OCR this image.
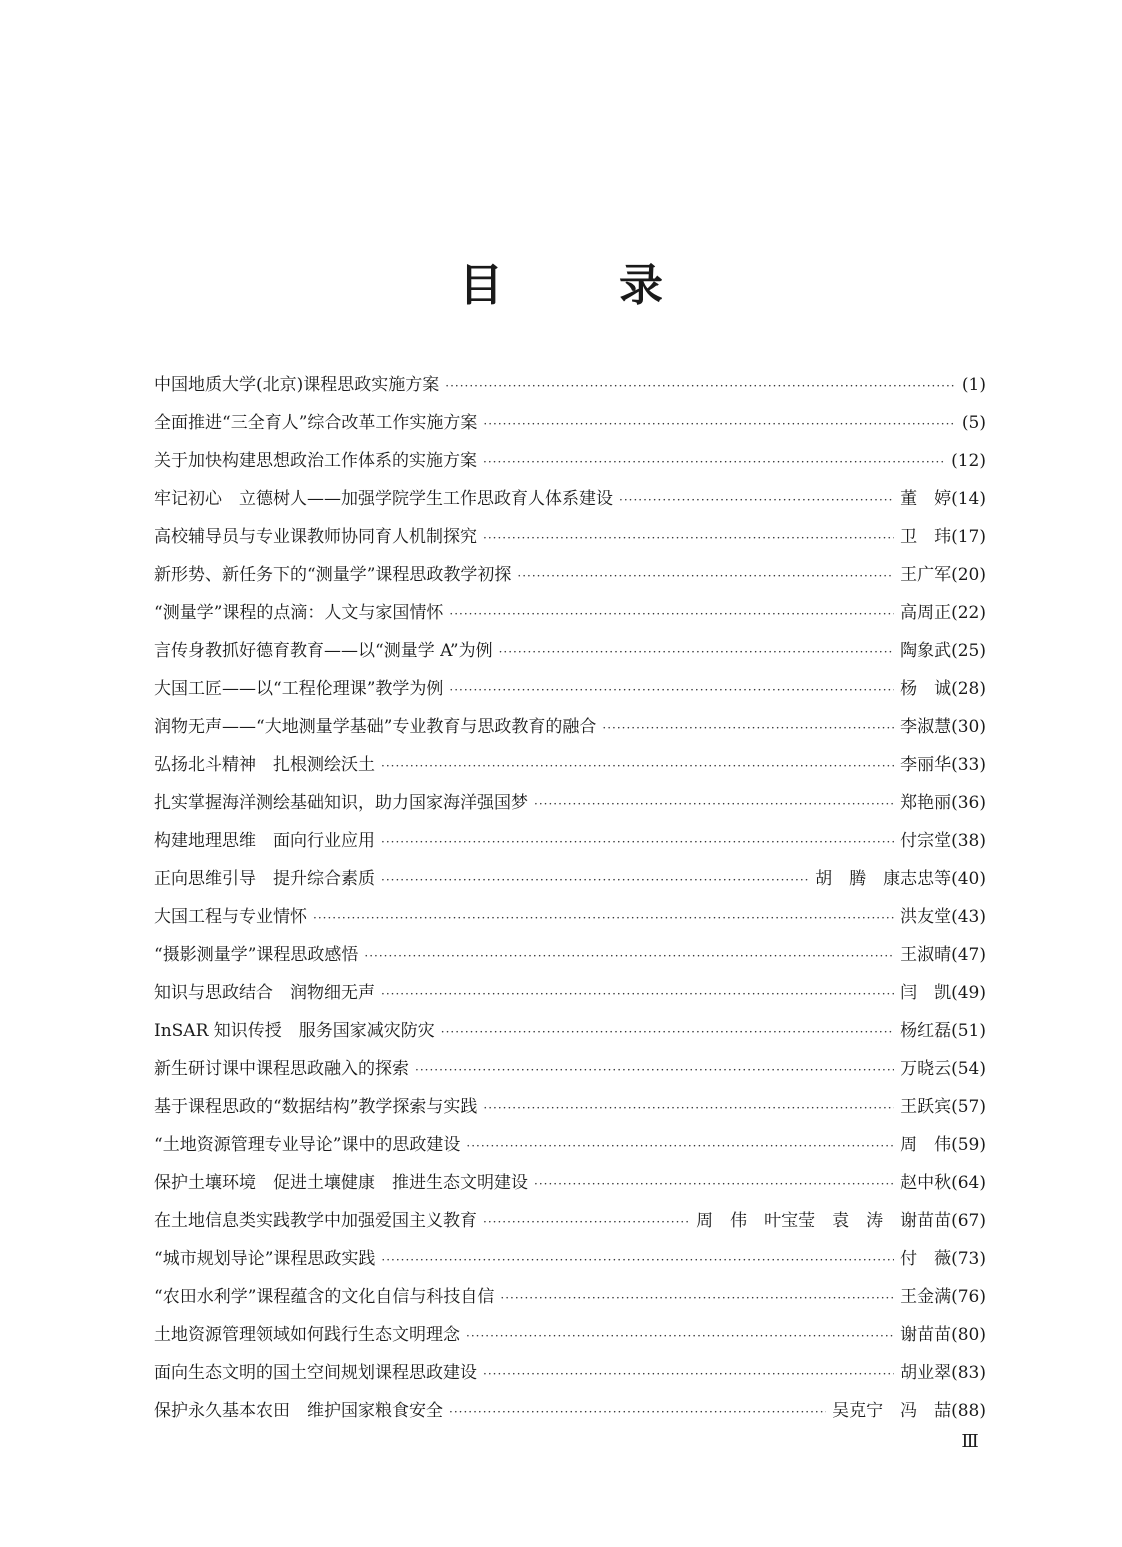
目　录
中国地质大学(北京)课程思政实施方案 ·····	(1)
全面推进“三全育人”综合改革工作实施方案 ·····	(5)
关于加快构建思想政治工作体系的实施方案 ·····	(12)
牢记初心　立德树人——加强学院学生工作思政育人体系建设 ·····	董　婷 (14)
高校辅导员与专业课教师协同育人机制探究 ·····	卫　玮 (17)
新形势、新任务下的“测量学”课程思政教学初探 ·····	王广军 (20)
“测量学”课程的点滴：人文与家国情怀 ·····	高周正 (22)
言传身教抓好德育教育——以“测量学 A”为例 ·····	陶象武 (25)
大国工匠——以“工程伦理课”教学为例 ·····	杨　诚 (28)
润物无声——“大地测量学基础”专业教育与思政教育的融合 ·····	李淑慧 (30)
弘扬北斗精神　扎根测绘沃土 ·····	李丽华 (33)
扎实掌握海洋测绘基础知识，助力国家海洋强国梦 ·····	郑艳丽 (36)
构建地理思维　面向行业应用 ·····	付宗堂 (38)
正向思维引导　提升综合素质 ·····	胡　腾　康志忠等 (40)
大国工程与专业情怀 ·····	洪友堂 (43)
“摄影测量学”课程思政感悟 ·····	王淑晴 (47)
知识与思政结合　润物细无声 ·····	闫　凯 (49)
InSAR 知识传授　服务国家减灾防灾 ·····	杨红磊 (51)
新生研讨课中课程思政融入的探索 ·····	万晓云 (54)
基于课程思政的“数据结构”教学探索与实践 ·····	王跃宾 (57)
“土地资源管理专业导论”课中的思政建设 ·····	周　伟 (59)
保护土壤环境　促进土壤健康　推进生态文明建设 ·····	赵中秋 (64)
在土地信息类实践教学中加强爱国主义教育 ·····	周　伟　叶宝莹　袁　涛　谢苗苗 (67)
“城市规划导论”课程思政实践 ·····	付　薇 (73)
“农田水利学”课程蕴含的文化自信与科技自信 ·····	王金满 (76)
土地资源管理领域如何践行生态文明理念 ·····	谢苗苗 (80)
面向生态文明的国土空间规划课程思政建设 ·····	胡业翠 (83)
保护永久基本农田　维护国家粮食安全 ·····	吴克宁　冯　喆 (88)
Ⅲ
